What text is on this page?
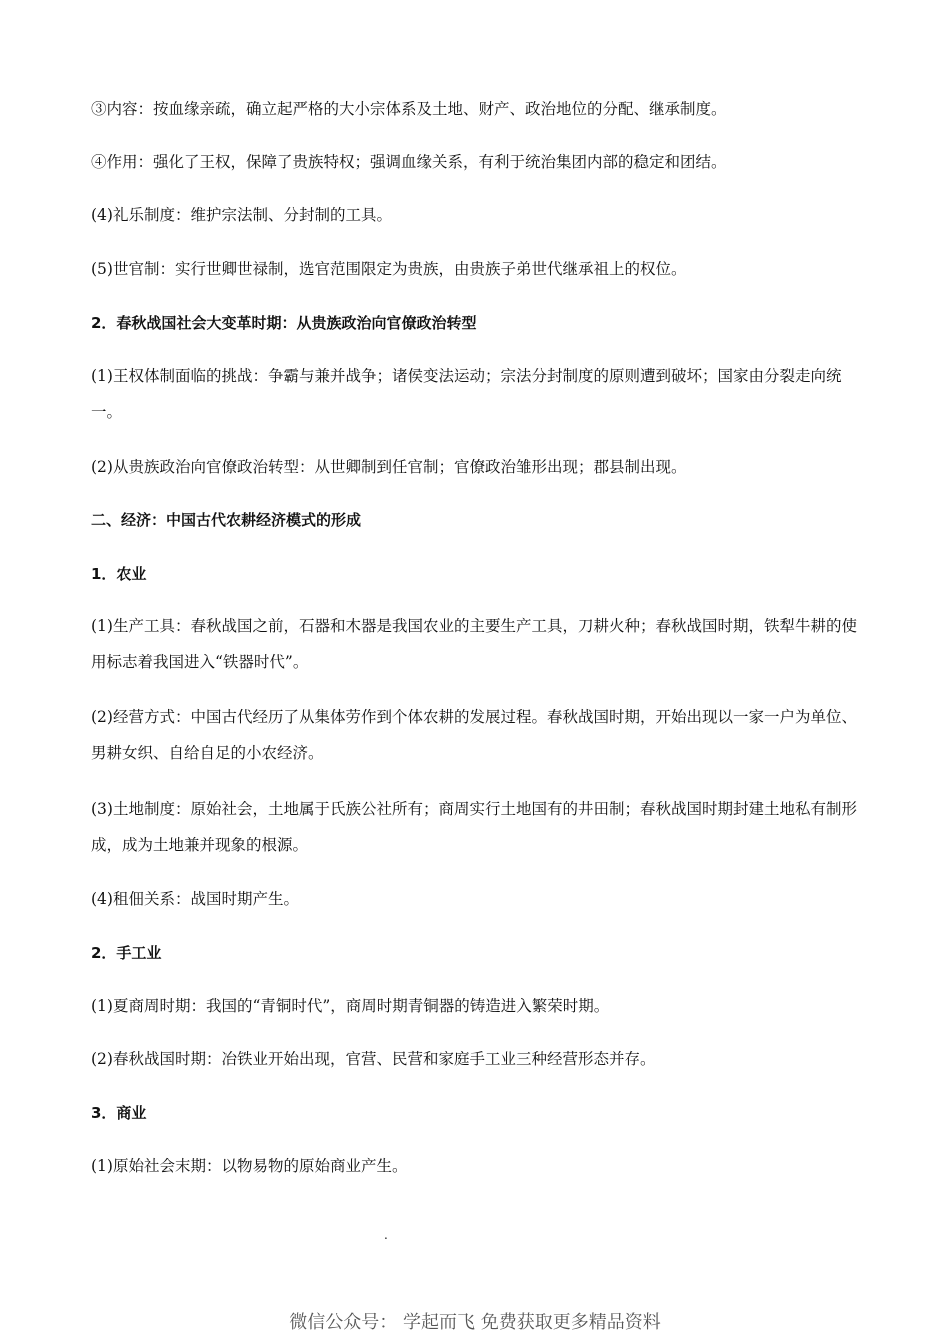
③内容：按血缘亲疏，确立起严格的大小宗体系及土地、财产、政治地位的分配、继承制度。

④作用：强化了王权，保障了贵族特权；强调血缘关系，有利于统治集团内部的稳定和团结。

(4)礼乐制度：维护宗法制、分封制的工具。

(5)世官制：实行世卿世禄制，选官范围限定为贵族，由贵族子弟世代继承祖上的权位。

2．春秋战国社会大变革时期：从贵族政治向官僚政治转型

(1)王权体制面临的挑战：争霸与兼并战争；诸侯变法运动；宗法分封制度的原则遭到破坏；国家由分裂走向统一。

(2)从贵族政治向官僚政治转型：从世卿制到任官制；官僚政治雏形出现；郡县制出现。

二、经济：中国古代农耕经济模式的形成

1．农业

(1)生产工具：春秋战国之前，石器和木器是我国农业的主要生产工具，刀耕火种；春秋战国时期，铁犁牛耕的使用标志着我国进入“铁器时代”。

(2)经营方式：中国古代经历了从集体劳作到个体农耕的发展过程。春秋战国时期，开始出现以一家一户为单位、男耕女织、自给自足的小农经济。

(3)土地制度：原始社会，土地属于氏族公社所有；商周实行土地国有的井田制；春秋战国时期封建土地私有制形成，成为土地兼并现象的根源。

(4)租佃关系：战国时期产生。

2．手工业

(1)夏商周时期：我国的“青铜时代”，商周时期青铜器的铸造进入繁荣时期。

(2)春秋战国时期：冶铁业开始出现，官营、民营和家庭手工业三种经营形态并存。

3．商业

(1)原始社会末期：以物易物的原始商业产生。

.
微信公众号： 学起而飞 免费获取更多精品资料
